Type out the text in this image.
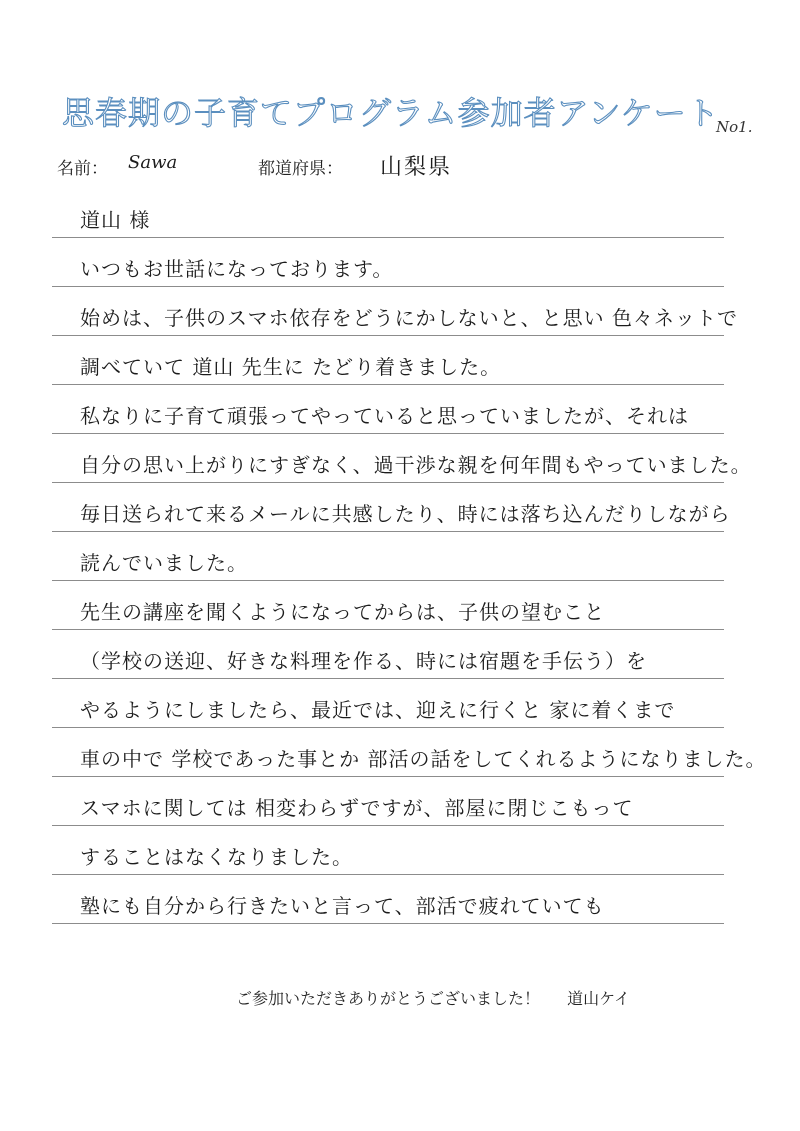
思春期の子育てプログラム参加者アンケート
No1.
名前： Sawa	都道府県： 山梨県
道山 様
いつもお世話になっております。
始めは、子供のスマホ依存をどうにかしないと、と思い 色々ネットで
調べていて 道山 先生に たどり着きました。
私なりに子育て頑張ってやっていると思っていましたが、それは
自分の思い上がりにすぎなく、過干渉な親を何年間もやっていました。
毎日送られて来るメールに共感したり、時には落ち込んだりしながら
読んでいました。
先生の講座を聞くようになってからは、子供の望むこと
（学校の送迎、好きな料理を作る、時には宿題を手伝う）を
やるようにしましたら、最近では、迎えに行くと 家に着くまで
車の中で 学校であった事とか 部活の話をしてくれるようになりました。
スマホに関しては 相変わらずですが、部屋に閉じこもって
することはなくなりました。
塾にも自分から行きたいと言って、部活で疲れていても
ご参加いただきありがとうございました！ 道山ケイ
